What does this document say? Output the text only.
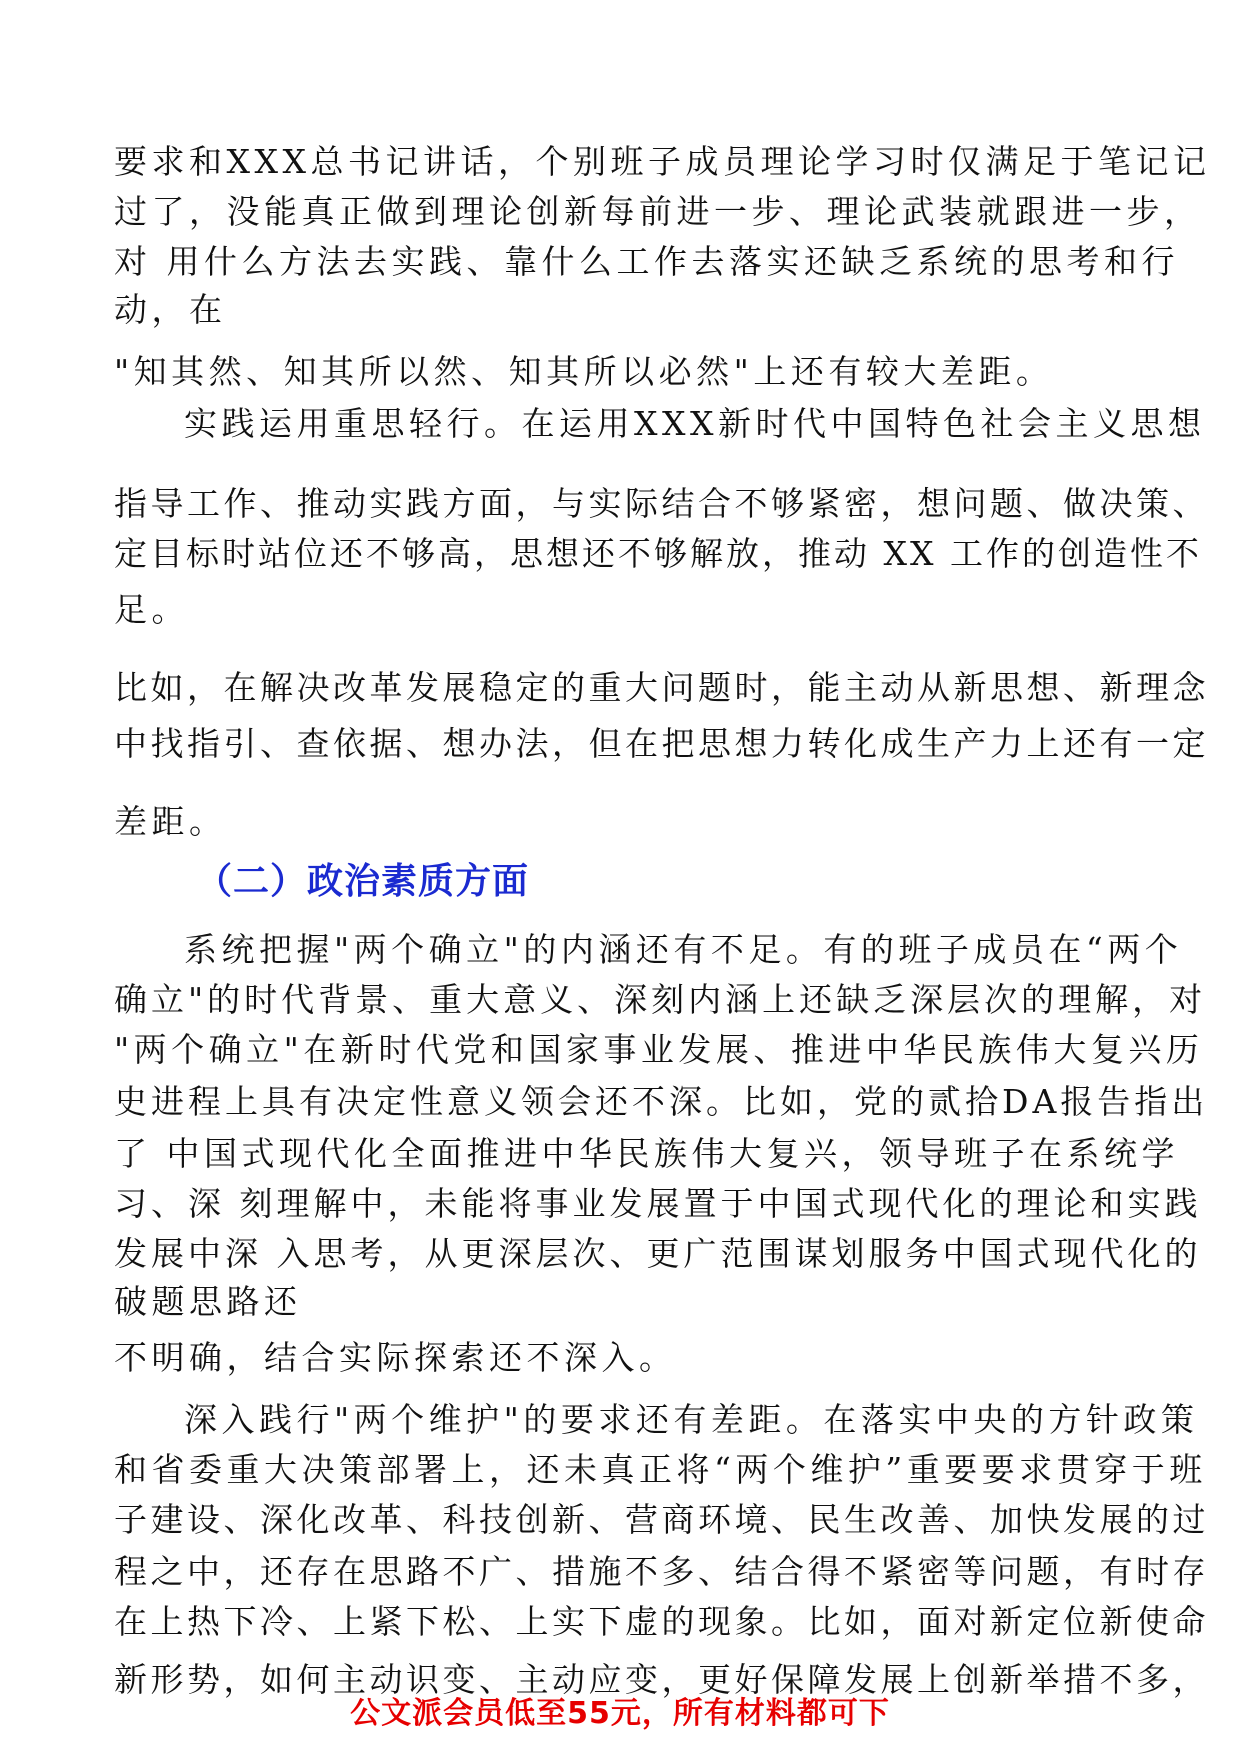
要求和XXX总书记讲话，个别班子成员理论学习时仅满足于笔记记
过了，没能真正做到理论创新每前进一步、理论武装就跟进一步，
对 用什么方法去实践、靠什么工作去落实还缺乏系统的思考和行
动，在
"知其然、知其所以然、知其所以必然"上还有较大差距。
实践运用重思轻行。在运用XXX新时代中国特色社会主义思想
指导工作、推动实践方面，与实际结合不够紧密，想问题、做决策、
定目标时站位还不够高，思想还不够解放，推动 XX 工作的创造性不
足。
比如，在解决改革发展稳定的重大问题时，能主动从新思想、新理念
中找指引、查依据、想办法，但在把思想力转化成生产力上还有一定
差距。
（二）政治素质方面
系统把握"两个确立"的内涵还有不足。有的班子成员在“两个
确立"的时代背景、重大意义、深刻内涵上还缺乏深层次的理解，对
"两个确立"在新时代党和国家事业发展、推进中华民族伟大复兴历
史进程上具有决定性意义领会还不深。比如，党的贰拾DA报告指出
了 中国式现代化全面推进中华民族伟大复兴，领导班子在系统学
习、深 刻理解中，未能将事业发展置于中国式现代化的理论和实践
发展中深 入思考，从更深层次、更广范围谋划服务中国式现代化的
破题思路还
不明确，结合实际探索还不深入。
深入践行"两个维护"的要求还有差距。在落实中央的方针政策
和省委重大决策部署上，还未真正将“两个维护”重要要求贯穿于班
子建设、深化改革、科技创新、营商环境、民生改善、加快发展的过
程之中，还存在思路不广、措施不多、结合得不紧密等问题，有时存
在上热下冷、上紧下松、上实下虚的现象。比如，面对新定位新使命
新形势，如何主动识变、主动应变，更好保障发展上创新举措不多，
公文派会员低至55元，所有材料都可下
